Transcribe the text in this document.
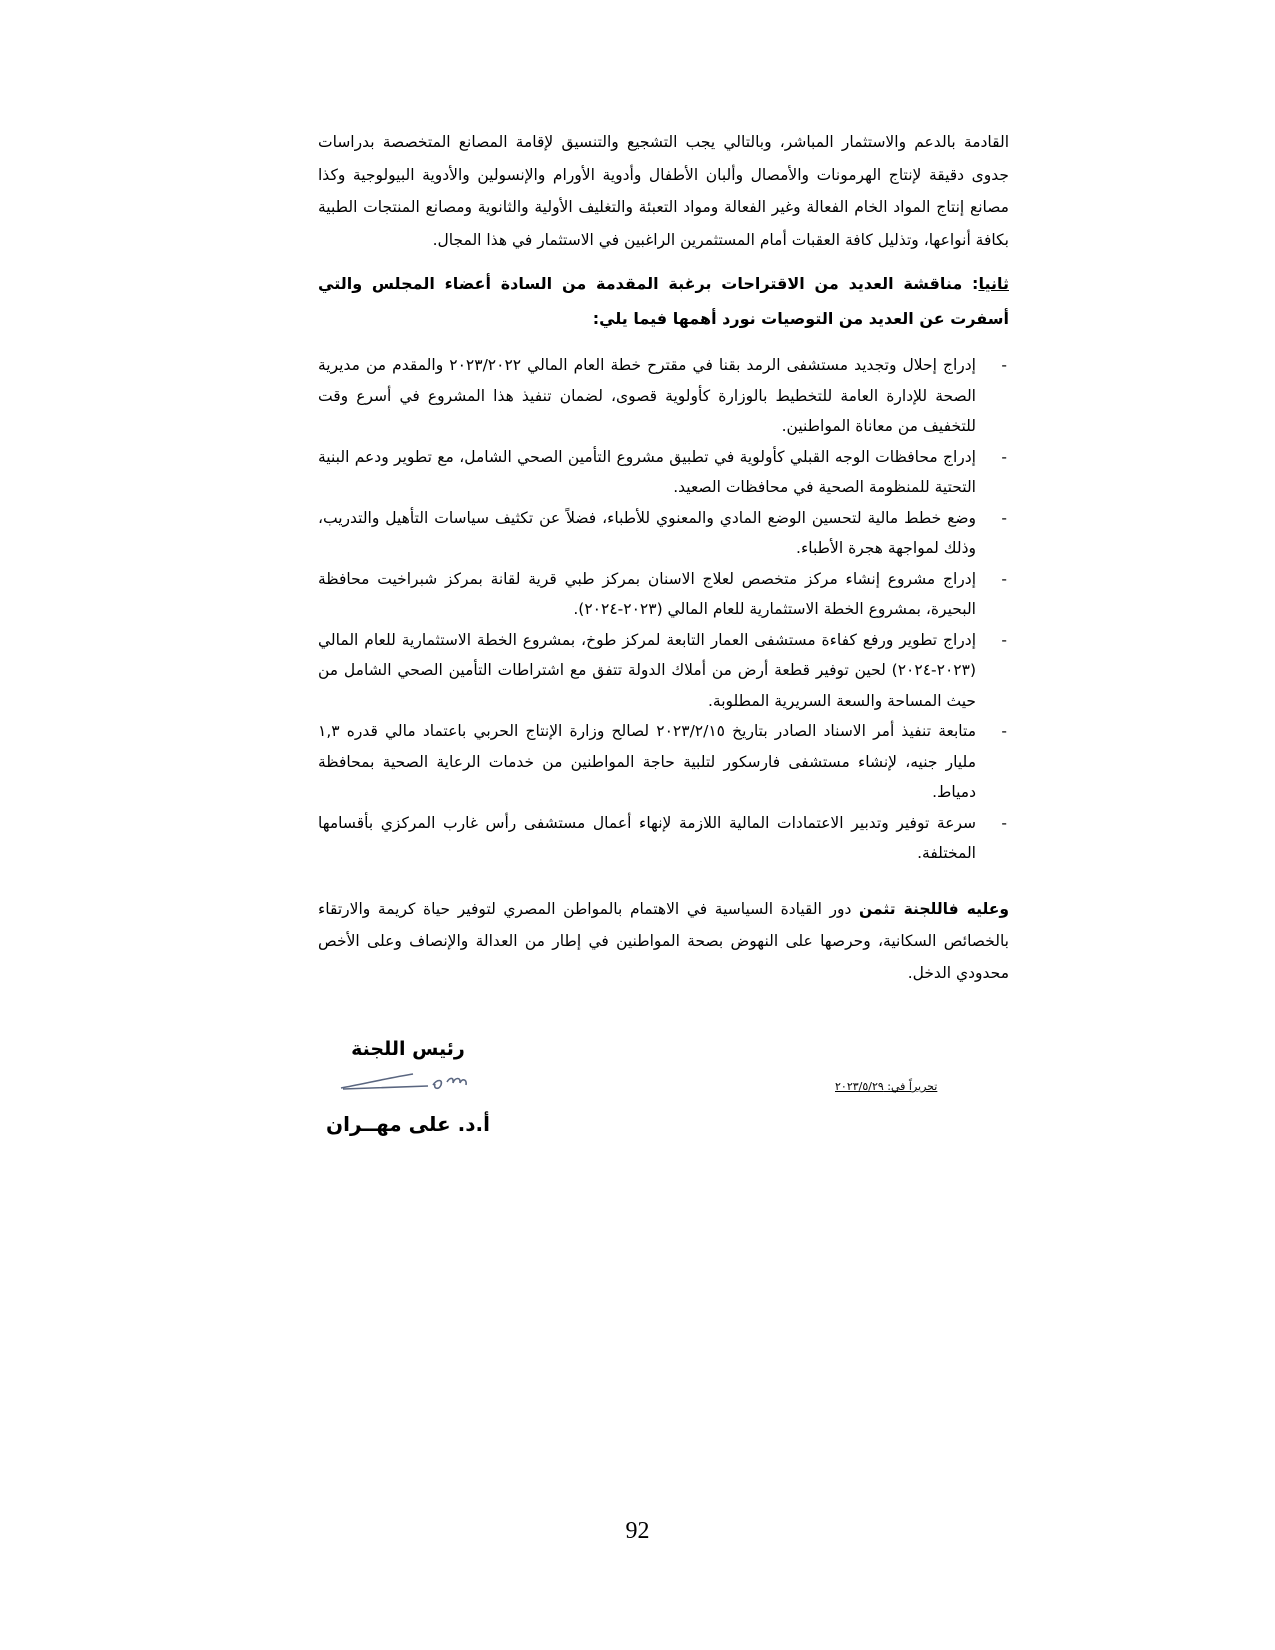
القادمة بالدعم والاستثمار المباشر، وبالتالي يجب التشجيع والتنسيق لإقامة المصانع المتخصصة بدراسات جدوى دقيقة لإنتاج الهرمونات والأمصال وألبان الأطفال وأدوية الأورام والإنسولين والأدوية البيولوجية وكذا مصانع إنتاج المواد الخام الفعالة وغير الفعالة ومواد التعبئة والتغليف الأولية والثانوية ومصانع المنتجات الطبية بكافة أنواعها، وتذليل كافة العقبات أمام المستثمرين الراغبين في الاستثمار في هذا المجال.

ثانيا: مناقشة العديد من الاقتراحات برغبة المقدمة من السادة أعضاء المجلس والتي أسفرت عن العديد من التوصيات نورد أهمها فيما يلي:

-
إدراج إحلال وتجديد مستشفى الرمد بقنا في مقترح خطة العام المالي ٢٠٢٣/٢٠٢٢ والمقدم من مديرية الصحة للإدارة العامة للتخطيط بالوزارة كأولوية قصوى، لضمان تنفيذ هذا المشروع في أسرع وقت للتخفيف من معاناة المواطنين.
-
إدراج محافظات الوجه القبلي كأولوية في تطبيق مشروع التأمين الصحي الشامل، مع تطوير ودعم البنية التحتية للمنظومة الصحية في محافظات الصعيد.
-
وضع خطط مالية لتحسين الوضع المادي والمعنوي للأطباء، فضلاً عن تكثيف سياسات التأهيل والتدريب، وذلك لمواجهة هجرة الأطباء.
-
إدراج مشروع إنشاء مركز متخصص لعلاج الاسنان بمركز طبي قرية لقانة بمركز شبراخيت محافظة البحيرة، بمشروع الخطة الاستثمارية للعام المالي (٢٠٢٣-٢٠٢٤).
-
إدراج تطوير ورفع كفاءة مستشفى العمار التابعة لمركز طوخ، بمشروع الخطة الاستثمارية للعام المالي (٢٠٢٣-٢٠٢٤) لحين توفير قطعة أرض من أملاك الدولة تتفق مع اشتراطات التأمين الصحي الشامل من حيث المساحة والسعة السريرية المطلوبة.
-
متابعة تنفيذ أمر الاسناد الصادر بتاريخ ٢٠٢٣/٢/١٥ لصالح وزارة الإنتاج الحربي باعتماد مالي قدره ١,٣ مليار جنيه، لإنشاء مستشفى فارسكور لتلبية حاجة المواطنين من خدمات الرعاية الصحية بمحافظة دمياط.
-
سرعة توفير وتدبير الاعتمادات المالية اللازمة لإنهاء أعمال مستشفى رأس غارب المركزي بأقسامها المختلفة.

وعليه فاللجنة تثمن دور القيادة السياسية في الاهتمام بالمواطن المصري لتوفير حياة كريمة والارتقاء بالخصائص السكانية، وحرصها على النهوض بصحة المواطنين في إطار من العدالة والإنصاف وعلى الأخص محدودي الدخل.

رئيس اللجنة
أ.د. على مهــران
تحريراً في: ٢٠٢٣/٥/٢٩
92
